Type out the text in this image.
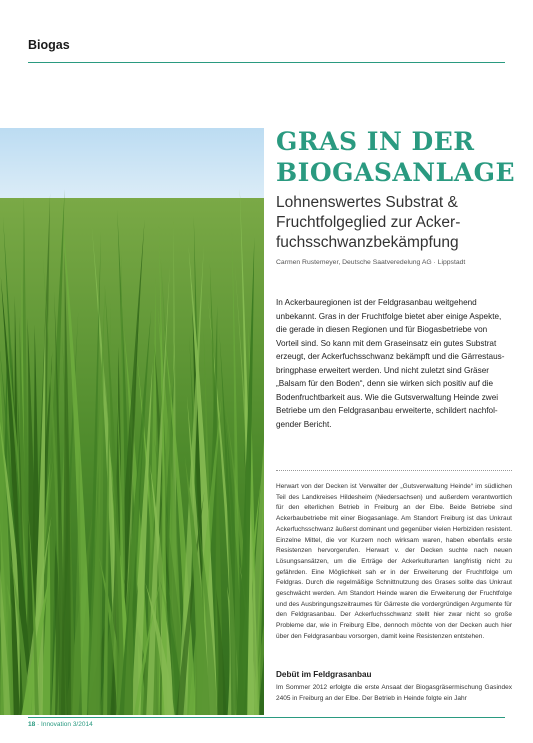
Biogas
GRAS IN DER
BIOGASANLAGE

Lohnenswertes Substrat & Fruchtfolgeglied zur Acker- fuchsschwanzbekämpfung

Carmen Rustemeyer, Deutsche Saatveredelung AG · Lippstadt

In Ackerbauregionen ist der Feldgrasanbau weitgehend unbekannt. Gras in der Fruchtfolge bietet aber einige Aspekte, die gerade in diesen Regionen und für Biogasbetriebe von Vorteil sind. So kann mit dem Graseinsatz ein gutes Substrat erzeugt, der Ackerfuchsschwanz bekämpft und die Gärrestaus- bringphase erweitert werden. Und nicht zuletzt sind Gräser „Balsam für den Boden“, denn sie wirken sich positiv auf die Bodenfruchtbarkeit aus. Wie die Gutsverwaltung Heinde zwei Betriebe um den Feldgrasanbau erweiterte, schildert nachfol- gender Bericht.

Herwart von der Decken ist Verwalter der „Gutsverwaltung Heinde“ im südlichen Teil des Landkreises Hildesheim (Niedersachsen) und außerdem verantwortlich für den elterlichen Betrieb in Freiburg an der Elbe. Beide Betriebe sind Ackerbaubetriebe mit einer Biogasanlage. Am Standort Freiburg ist das Unkraut Ackerfuchsschwanz äußerst dominant und gegenüber vielen Herbiziden resistent. Einzelne Mittel, die vor Kurzem noch wirksam waren, haben ebenfalls erste Resistenzen hervorgerufen. Herwart v. der Decken suchte nach neuen Lösungsansätzen, um die Erträge der Ackerkulturarten langfristig nicht zu gefährden. Eine Möglichkeit sah er in der Erweiterung der Fruchtfolge um Feldgras. Durch die regelmäßige Schnittnutzung des Grases sollte das Unkraut geschwächt werden. Am Standort Heinde waren die Erweiterung der Fruchtfolge und des Ausbringungszeitraumes für Gärreste die vordergründigen Argumente für den Feldgrasanbau. Der Ackerfuchsschwanz stellt hier zwar nicht so große Probleme dar, wie in Freiburg Elbe, dennoch möchte von der Decken auch hier über den Feldgrasanbau vorsorgen, damit keine Resistenzen entstehen.

Debüt im Feldgrasanbau

Im Sommer 2012 erfolgte die erste Ansaat der Biogasgräsermischung Gasindex 2405 in Freiburg an der Elbe. Der Betrieb in Heinde folgte ein Jahr

18 · Innovation 3/2014
